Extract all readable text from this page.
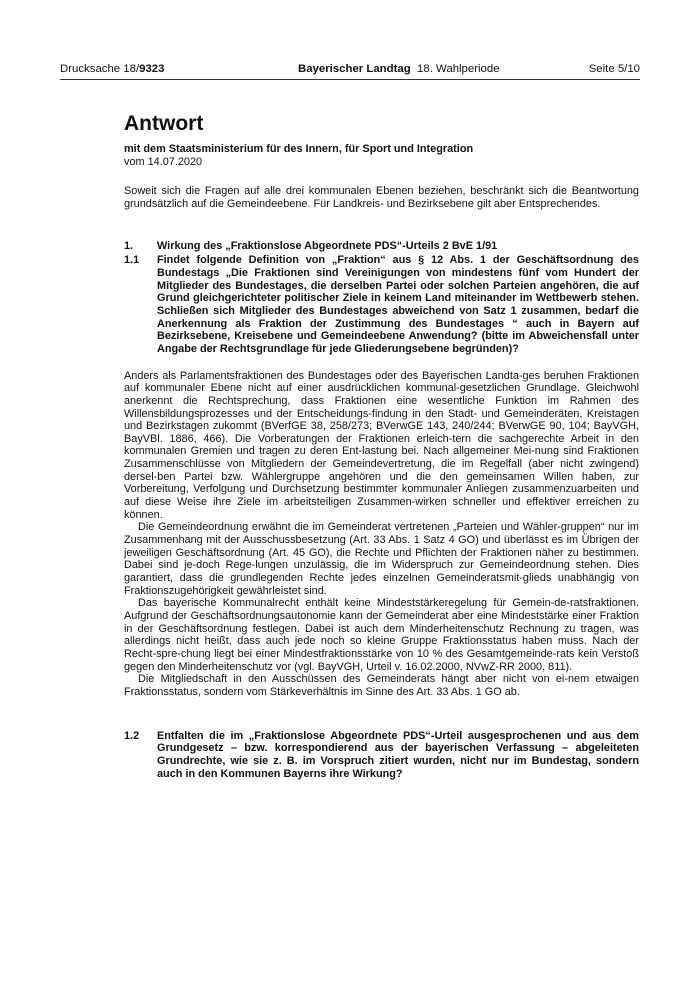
Drucksache 18/9323	Bayerischer Landtag 18. Wahlperiode	Seite 5/10
Antwort

mit dem Staatsministerium für des Innern, für Sport und Integration

vom 14.07.2020

Soweit sich die Fragen auf alle drei kommunalen Ebenen beziehen, beschränkt sich die Beantwortung grundsätzlich auf die Gemeindeebene. Für Landkreis- und Bezirksebene gilt aber Entsprechendes.

1.	Wirkung des „Fraktionslose Abgeordnete PDS“-Urteils 2 BvE 1/91
1.1	Findet folgende Definition von „Fraktion“ aus § 12 Abs. 1 der Geschäftsordnung des Bundestags „Die Fraktionen sind Vereinigungen von mindestens fünf vom Hundert der Mitglieder des Bundestages, die derselben Partei oder solchen Parteien angehören, die auf Grund gleichgerichteter politischer Ziele in keinem Land miteinander im Wettbewerb stehen. Schließen sich Mitglieder des Bundestages abweichend von Satz 1 zusammen, bedarf die Anerkennung als Fraktion der Zustimmung des Bundestages “ auch in Bayern auf Bezirksebene, Kreisebene und Gemeindeebene Anwendung? (bitte im Abweichensfall unter Angabe der Rechtsgrundlage für jede Gliederungsebene begründen)?

Anders als Parlamentsfraktionen des Bundestages oder des Bayerischen Landta-ges beruhen Fraktionen auf kommunaler Ebene nicht auf einer ausdrücklichen kommunal-gesetzlichen Grundlage. Gleichwohl anerkennt die Rechtsprechung, dass Fraktionen eine wesentliche Funktion im Rahmen des Willensbildungsprozesses und der Entscheidungs-findung in den Stadt- und Gemeinderäten, Kreistagen und Bezirkstagen zukommt (BVerfGE 38, 258/273; BVerwGE 143, 240/244; BVerwGE 90, 104; BayVGH, BayVBl. 1886, 466). Die Vorberatungen der Fraktionen erleich-tern die sachgerechte Arbeit in den kommunalen Gremien und tragen zu deren Ent-lastung bei. Nach allgemeiner Mei-nung sind Fraktionen Zusammenschlüsse von Mitgliedern der Gemeindevertretung, die im Regelfall (aber nicht zwingend) dersel-ben Partei bzw. Wählergruppe angehören und die den gemeinsamen Willen haben, zur Vorbereitung, Verfolgung und Durchsetzung bestimmter kommunaler Anliegen zusammenzuarbeiten und auf diese Weise ihre Ziele im arbeitsteiligen Zusammen-wirken schneller und effektiver erreichen zu können.

Die Gemeindeordnung erwähnt die im Gemeinderat vertretenen „Parteien und Wähler-gruppen“ nur im Zusammenhang mit der Ausschussbesetzung (Art. 33 Abs. 1 Satz 4 GO) und überlässt es im Übrigen der jeweiligen Geschäftsordnung (Art. 45 GO), die Rechte und Pflichten der Fraktionen näher zu bestimmen. Dabei sind je-doch Rege-lungen unzulässig, die im Widerspruch zur Gemeindeordnung stehen. Dies garantiert, dass die grundlegenden Rechte jedes einzelnen Gemeinderatsmit-glieds unabhängig von Fraktionszugehörigkeit gewährleistet sind.

Das bayerische Kommunalrecht enthält keine Mindeststärkeregelung für Gemein-de-ratsfraktionen. Aufgrund der Geschäftsordnungsautonomie kann der Gemeinderat aber eine Mindeststärke einer Fraktion in der Geschäftsordnung festlegen. Dabei ist auch dem Minderheitenschutz Rechnung zu tragen, was allerdings nicht heißt, dass auch jede noch so kleine Gruppe Fraktionsstatus haben muss. Nach der Recht-spre-chung liegt bei einer Mindestfraktionsstärke von 10 % des Gesamtgemeinde-rats kein Verstoß gegen den Minderheitenschutz vor (vgl. BayVGH, Urteil v. 16.02.2000, NVwZ-RR 2000, 811).

Die Mitgliedschaft in den Ausschüssen des Gemeinderats hängt aber nicht von ei-nem etwaigen Fraktionsstatus, sondern vom Stärkeverhältnis im Sinne des Art. 33 Abs. 1 GO ab.

1.2	Entfalten die im „Fraktionslose Abgeordnete PDS“-Urteil ausgesprochenen und aus dem Grundgesetz – bzw. korrespondierend aus der bayerischen Verfassung – abgeleiteten Grundrechte, wie sie z. B. im Vorspruch zitiert wurden, nicht nur im Bundestag, sondern auch in den Kommunen Bayerns ihre Wirkung?
